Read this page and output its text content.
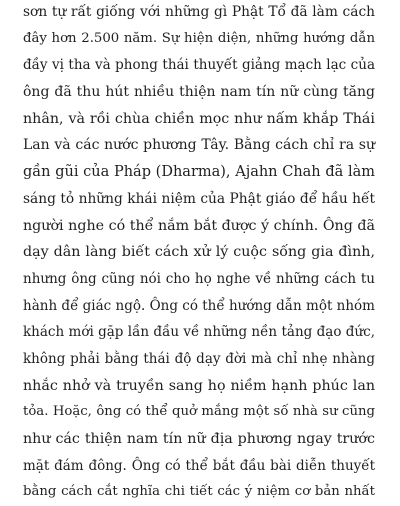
sơn tự rất giống với những gì Phật Tổ đã làm cách
đây hơn 2.500 năm. Sự hiện diện, những hướng dẫn
đầy vị tha và phong thái thuyết giảng mạch lạc của
ông đã thu hút nhiều thiện nam tín nữ cùng tăng
nhân, và rồi chùa chiền mọc như nấm khắp Thái
Lan và các nước phương Tây. Bằng cách chỉ ra sự
gần gũi của Pháp (Dharma), Ajahn Chah đã làm
sáng tỏ những khái niệm của Phật giáo để hầu hết
người nghe có thể nắm bắt được ý chính. Ông đã
dạy dân làng biết cách xử lý cuộc sống gia đình,
nhưng ông cũng nói cho họ nghe về những cách tu
hành để giác ngộ. Ông có thể hướng dẫn một nhóm
khách mới gặp lần đầu về những nền tảng đạo đức,
không phải bằng thái độ dạy đời mà chỉ nhẹ nhàng
nhắc nhở và truyền sang họ niềm hạnh phúc lan
tỏa. Hoặc, ông có thể quở mắng một số nhà sư cũng
như các thiện nam tín nữ địa phương ngay trước
mặt đám đông. Ông có thể bắt đầu bài diễn thuyết
bằng cách cắt nghĩa chi tiết các ý niệm cơ bản nhất
